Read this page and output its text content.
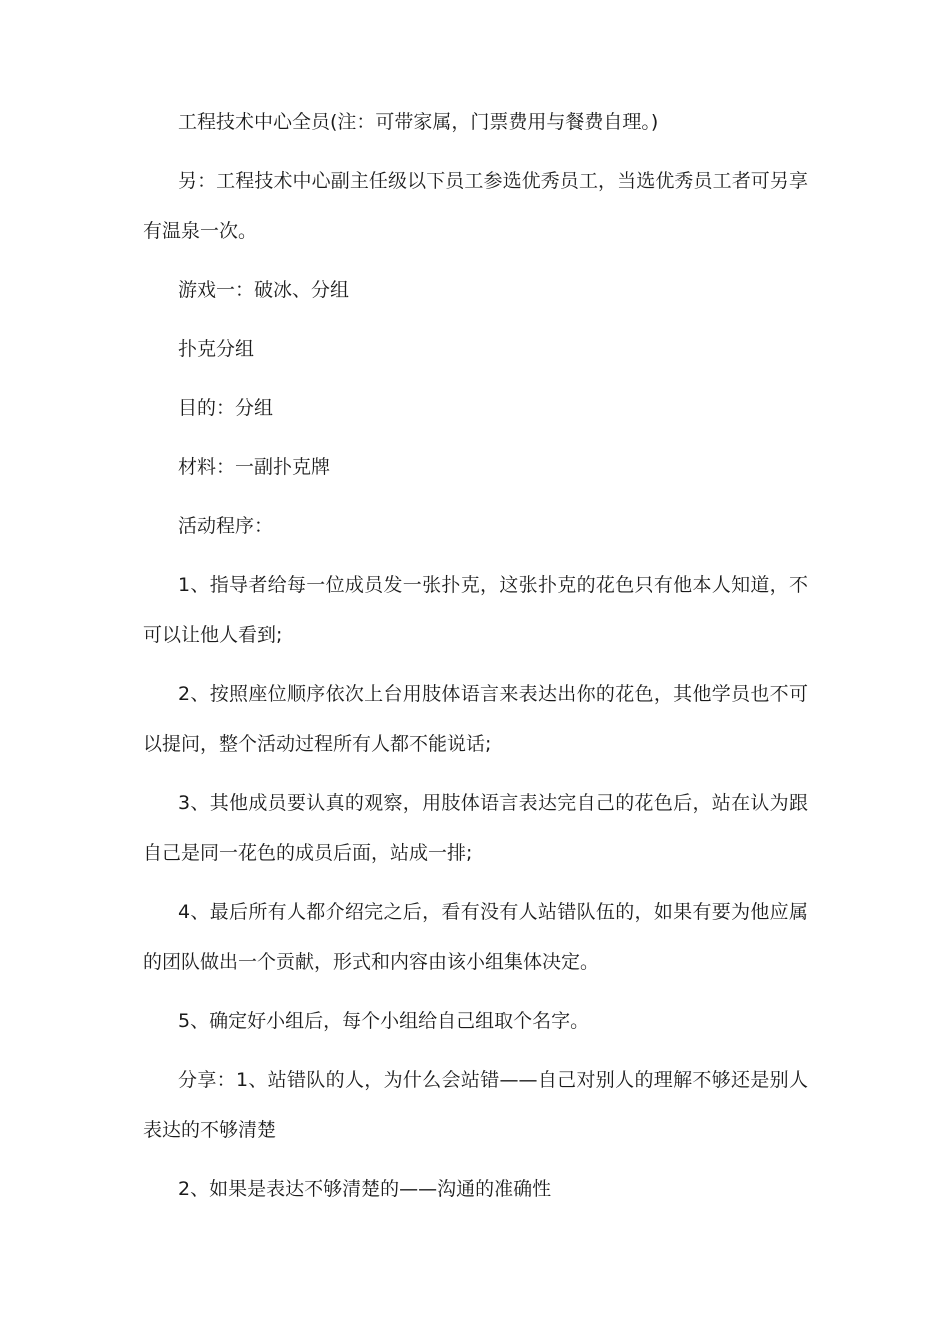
工程技术中心全员(注：可带家属，门票费用与餐费自理。)

另：工程技术中心副主任级以下员工参选优秀员工，当选优秀员工者可另享有温泉一次。

游戏一：破冰、分组

扑克分组

目的：分组

材料：一副扑克牌

活动程序：

1、指导者给每一位成员发一张扑克，这张扑克的花色只有他本人知道，不可以让他人看到;

2、按照座位顺序依次上台用肢体语言来表达出你的花色，其他学员也不可以提问，整个活动过程所有人都不能说话;

3、其他成员要认真的观察，用肢体语言表达完自己的花色后，站在认为跟自己是同一花色的成员后面，站成一排;

4、最后所有人都介绍完之后，看有没有人站错队伍的，如果有要为他应属的团队做出一个贡献，形式和内容由该小组集体决定。

5、确定好小组后，每个小组给自己组取个名字。

分享：1、站错队的人，为什么会站错——自己对别人的理解不够还是别人表达的不够清楚

2、如果是表达不够清楚的——沟通的准确性
